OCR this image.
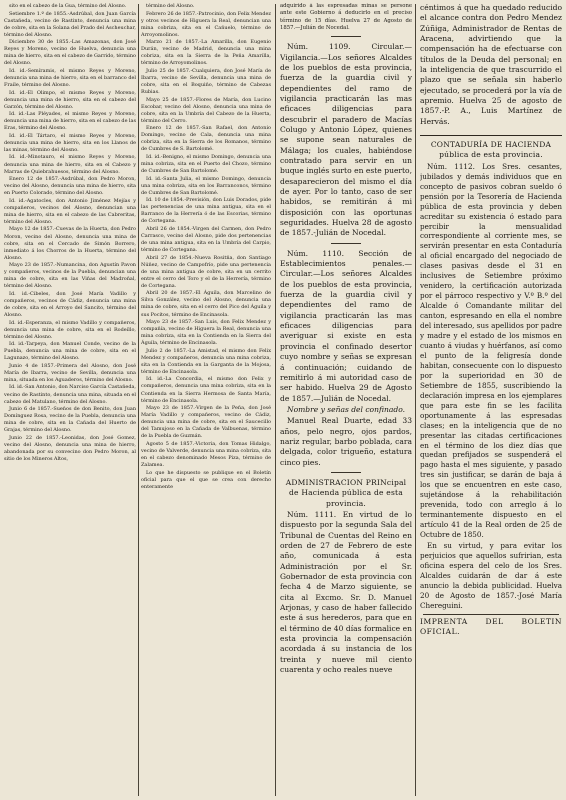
sito en el cabezo de la Gua, término del Alosno.

Setiembre 1.º de 1855.-Asdrúbal, don Juan García Castañeda, vecino de Rastinto, denuncia una mina de cobre, sita en la Solana del Prado del Ascheuchar, término del Alosno.

Diciembre 30 de 1855.-Las Amazonas, don José Reyes y Moreno, vecino de Huelva, denuncia una mina de hierro, sita en el cabezo de Garrido, término del Alosno.

Id. id.-Semíramis, el mismo Reyes y Moreno, denuncia una mina de hierro, sita en el barranco del Fraile, término del Alosno.

Id. id.-El Olimpo, el mismo Reyes y Moreno, denuncia una mina de hierro, sita en el cabezo del Garzón, término del Alosno.

Id. id.-Las Pléyades, el mismo Reyes y Moreno, denuncia una mina de hierro, sita en el cabezo de las Eras, término del Alosno.

Id. id.-El Tártaro, el mismo Reyes y Moreno, denuncia una mina de hierro, sita en los Llanos de las minas, término del Alosno.

Id. id.-Minotauro, el mismo Reyes y Moreno, denuncia una mina de hierro, sita en el Cabezo y Marras de Quiebrahuesos, término del Alosno.

Enero 12 de 1857.-Asdrúbal, don Pedro Moron, vecino del Alosno, denuncia una mina de hierro, sita en Puerto Colorado, término del Alosno.

Id. id.-Agatocles, don Antonio Jiménez Mejías y compañeros, vecinos del Alosno, denuncian una mina de hierro, sita en el cabezo de las Cabreritas, término del Alosno.

Mayo 12 de 1857.-Cuevas de la Huerta, don Pedro Moron, vecino del Alosno, denuncia una mina de cobre, sita en el Cercado de Simón Borrero, inmediato á los Chorros de la Huerta, término del Alosno.

Mayo 23 de 1857.-Numancina, don Agustín Pavon y compañeros, vecinos de la Puebla, denuncian una mina de cobre, sita en las Viñas del Madroñal, término del Alosno.

Id. id.-Cibeles, don José María Vadillo y compañeros, vecinos de Cádiz, denuncia una mina de cobre, sita en el Arroyo del Sancito, término del Alosno.

Id. id.-Esperanza, el mismo Vadillo y compañeros, denuncia una mina de cobre, sita en el Rodeíllo, término del Alosno.

Id. id.-Tarpeya, don Manuel Conde, vecino de la Puebla, denuncia una mina de cobre, sita en el Lagunazo, término del Alosno.

Junio 4 de 1857.-Primera del Alosno, don José María de Ibarra, vecino de Sevilla, denuncia una mina, situada en los Aguaderos, término del Alosno.

Id. id.-San Antonio, don Narciso García Castañeda, vecino de Rastinto, denuncia una mina, situada en el cabezo del Matulano, término del Alosno.

Junio 6 de 1857.-Sueños de don Benito, don Juan Domínguez Rosa, vecino de la Puebla, denuncia una mina de cobre, sita en la Cañada del Huerto de Grajas, término del Alosno.

Junio 22 de 1857.-Leonidas, don José Gomez, vecino del Alosno, denuncia una mina de hierro, abandonada por su convecino don Pedro Moron, al sitio de los Mineros Altos,

término del Alosno.

Febrero 26 de 1857.-Patrocinio, don Felix Mendez y otros vecinos de Higuera la Real, denuncian una mina cobriza, sita en el Cañuelo, término de Arroyomolinos.

Marzo 21 de 1857.-La Amarilla, don Eugenio Durán, vecino de Madrid, denuncia una mina cobriza, sita en la Sierra de la Peña Amarilla, término de Arroyomolinos.

Julio 25 de 1857.-Cualquiera, don José María de Ibarra, vecino de Sevilla, denuncia una mina de cobre, sita en el Boquiño, término de Cabezas Rubias.

Mayo 25 de 1857.-Flores de María, don Lucino Escobar, vecino del Alosno, denuncia una mina de cobre, sita en la Umbría del Cabezo de la Huerta, término del Cerro.

Enero 12 de 1857.-San Rafael, don Antonio Domingo, vecino de Cala, denuncia una mina cobriza, sita en la Sierra de los Romanos, término de Cumbres de S. Bartolomé.

Id. id.-Benigno, el mismo Domingo, denuncia una mina cobriza, sita en el Puerto del Chozo, término de Cumbres de San Bartolomé.

Id. id.-Santa Julia, el mismo Domingo, denuncia una mina cobriza, sita en los Barranconcs, término de Cumbres de San Bartolomé.

Id. 10 de 1854.-Previsión, don Luis Dorados, pide las pertenencias de una mina antigua, sita en el Barranco de la Herrería ó de las Escorias, término de Cortegana.

Abril 26 de 1854.-Virgen del Carmen, don Pedro Carrasco, vecino del Alosno, pide dos pertenencias de una mina antigua, sita en la Umbría del Carpio, término de Cortegana.

Abril 27 de 1854.-Nueva Rositña, don Santiago Núñez, vecino de Campofrío, pide una pertenencia de una mina antigua de cobre, sita en un cerrito entre el cerro del Toro y el de la Herrería, término de Cortegana.

Abril 20 de 1857.-El Águila, don Marcelino de Silva González, vecino del Alosno, denuncia una mina de cobre, sita en el cerro del Pico del Águila y sus Pocitos, término de Encinasola.

Mayo 23 de 1857.-San Luis, don Felix Mendez y compañía, vecino de Higuera la Real, denuncia una mina cobriza, sita en la Contienda en la Sierra del Águila, término de Encinasola.

Julio 2 de 1857.-La Amistad, el mismo don Felix Mendez y compañeros, denuncia una mina cobriza, sita en la Contienda en la Garganta de la Mojosa, término de Encinasola.

Id. id.-La Concordia, el mismo don Felix y compañeros, denuncia una mina cobriza, sita en la Contienda en la Sierra Hermosa de Santa María, término de Encinasola.

Mayo 23 de 1857.-Virgen de la Peña, don José María Vadillo y compañeros, vecino de Cádiz, denuncia una mina de cobre, sita en el Saucecillo del Tamujoso en la Cañada de Valbuenas, término de la Puebla de Guzmán.

Agosto 5 de 1857.-Victoria, don Tomas Hidalgo, vecino de Valverde, denuncia una mina cobriza, sita en el cabezo denominado Mesos Piza, término de Zalamea.

Lo que he dispuesto se publique en el Boletín oficial para que el que se crea con derecho enteramente

adquirido á las espresadas minas se persone ante este Gobierno á deducirlo en el preciso término de 15 días. Huelva 27 de Agosto de 1857.—Julián de Nocedal.

Núm. 1109. Circular.—Vigilancia.—Los señores Alcaldes de los pueblos de esta provincia, fuerza de la guardia civil y dependientes del ramo de vigilancia practicarán las mas eficaces diligencias para descubrir el paradero de Macías Colugo y Antonio López, quienes se supone sean naturales de Málaga; los cuales, habiéndose contratado para servir en un buque inglés surto en este puerto, desaparecieron del mismo el día de ayer. Por lo tanto, caso de ser habidos, se remitirán á mi disposición con las oportunas seguridades. Huelva 28 de agosto de 1857.-Julián de Nocedal.

Núm. 1110. Sección de Establecimientos penales.—Circular.—Los señores Alcaldes de los pueblos de esta provincia, fuerza de la guardia civil y dependientes del ramo de vigilancia practicarán las mas eficaces diligencias para averiguar si existe en esta provincia el confinado desertor cuyo nombre y señas se expresan á continuación; cuidando de remitirlo á mi autoridad caso de ser habido. Huelva 29 de Agosto de 1857.—Julián de Nocedal.

Nombre y señas del confinado.

Manuel Real Duarte, edad 33 años, pelo negro, ojos pardos, nariz regular, barbo poblada, cara delgada, color trigueño, estatura cinco pies.

ADMINISTRACION PRINcipal de Hacienda pública de esta provincia.

Núm. 1111. En virtud de lo dispuesto por la segunda Sala del Tribunal de Cuentas del Reino en orden de 27 de Febrero de este año, comunicada á esta Administración por el Sr. Gobernador de esta provincia con fecha 4 de Marzo siguiente, se cita al Excmo. Sr. D. Manuel Arjonas, y caso de haber fallecido este á sus herederos, para que en el término de 40 días formalice en esta provincia la compensación acordada á su instancia de los treinta y nueve mil ciento cuarenta y ocho reales nueve

céntimos á que ha quedado reducido el alcance contra don Pedro Mendez Zúñiga, Administrador de Rentas de Aracena, advirtiendo que la compensación ha de efectuarse con títulos de la Deuda del personal; en la inteligencia de que trascurrido el plazo que se señala sin haberlo ejecutado, se procederá por la vía de apremio. Huelva 25 de agosto de 1857.-P. A., Luis Martínez de Hervás.

CONTADURÍA DE HACIENDA pública de esta provincia.

Núm. 1112. Los Sres. cesantes, jubilados y demás individuos que en concepto de pasivos cobran sueldo ó pensión por la Tesorería de Hacienda pública de esta provincia y deben acreditar su existencia ó estado para percibir la mensualidad correspondiente al corriente mes, se servirán presentar en esta Contaduría al oficial encargado del negociado de clases pasivas desde el 31 en inclusives de Setiembre próximo venidero, la certificación autorizada por el párroco respectivo y V.º B.º del Alcalde ó Comandante militar del canton, espresando en ella el nombre del interesado, sus apellidos por padre y madre y el estado de los mismos en cuanto á viudas y huérfanos, así como el punto de la feligresía donde habitan, consecuente con lo dispuesto por la superioridad en 30 de Setiembre de 1855, suscribiendo la declaración impresa en los ejemplares que para este fin se les facilita oportunamente á las espresadas clases; en la inteligencia que de no presentar las citadas certificaciones en el término de los diez días que quedan prefijados se suspenderá el pago hasta el mes siguiente, y pasado tres sin justificar, se darán de baja á los que se encuentren en este caso, sujetándose á la rehabilitación prevenida, todo con arreglo á lo terminantemente dispuesto en el artículo 41 de la Real orden de 25 de Octubre de 1850.

En su virtud, y para evitar los perjuicios que aquellos sufririan, esta oficina espera del celo de los Sres. Alcaldes cuidarán de dar á este anuncio la debida publicidad. Huelva 20 de Agosto de 1857.-José María Chereguini.

IMPRENTA DEL BOLETIN OFICIAL.
